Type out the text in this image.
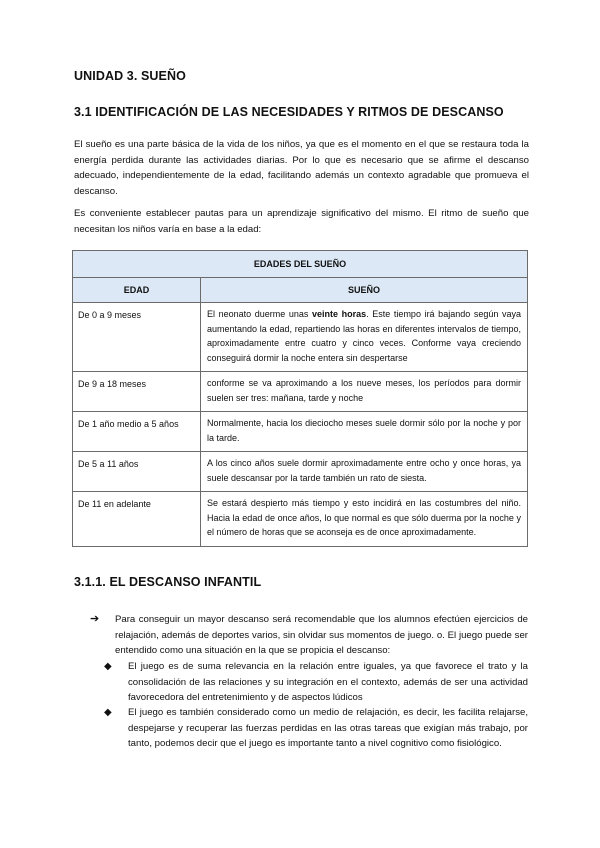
UNIDAD 3. SUEÑO
3.1 IDENTIFICACIÓN DE LAS NECESIDADES Y RITMOS DE DESCANSO
El sueño es una parte básica de la vida de los niños, ya que es el momento en el que se restaura toda la energía perdida durante las actividades diarias. Por lo que es necesario que se afirme el descanso adecuado, independientemente de la edad, facilitando además un contexto agradable que promueva el descanso.
Es conveniente establecer pautas para un aprendizaje significativo del mismo. El ritmo de sueño que necesitan los niños varía en base a la edad:
EDADES DEL SUEÑO	
EDAD	SUEÑO
De 0 a 9 meses	El neonato duerme unas veinte horas. Este tiempo irá bajando según vaya aumentando la edad, repartiendo las horas en diferentes intervalos de tiempo, aproximadamente entre cuatro y cinco veces. Conforme vaya creciendo conseguirá dormir la noche entera sin despertarse
De 9 a 18 meses	conforme se va aproximando a los nueve meses, los períodos para dormir suelen ser tres: mañana, tarde y noche
De 1 año medio a 5 años	Normalmente, hacia los dieciocho meses suele dormir sólo por la noche y por la tarde.
De 5 a 11 años	A los cinco años suele dormir aproximadamente entre ocho y once horas, ya suele descansar por la tarde también un rato de siesta.
De 11 en adelante	Se estará despierto más tiempo y esto incidirá en las costumbres del niño. Hacia la edad de once años, lo que normal es que sólo duerma por la noche y el número de horas que se aconseja es de once aproximadamente.
3.1.1. EL DESCANSO INFANTIL
➔ Para conseguir un mayor descanso será recomendable que los alumnos efectúen ejercicios de relajación, además de deportes varios, sin olvidar sus momentos de juego. o. El juego puede ser entendido como una situación en la que se propicia el descanso:
◆ El juego es de suma relevancia en la relación entre iguales, ya que favorece el trato y la consolidación de las relaciones y su integración en el contexto, además de ser una actividad favorecedora del entretenimiento y de aspectos lúdicos
◆ El juego es también considerado como un medio de relajación, es decir, les facilita relajarse, despejarse y recuperar las fuerzas perdidas en las otras tareas que exigían más trabajo, por tanto, podemos decir que el juego es importante tanto a nivel cognitivo como fisiológico.
